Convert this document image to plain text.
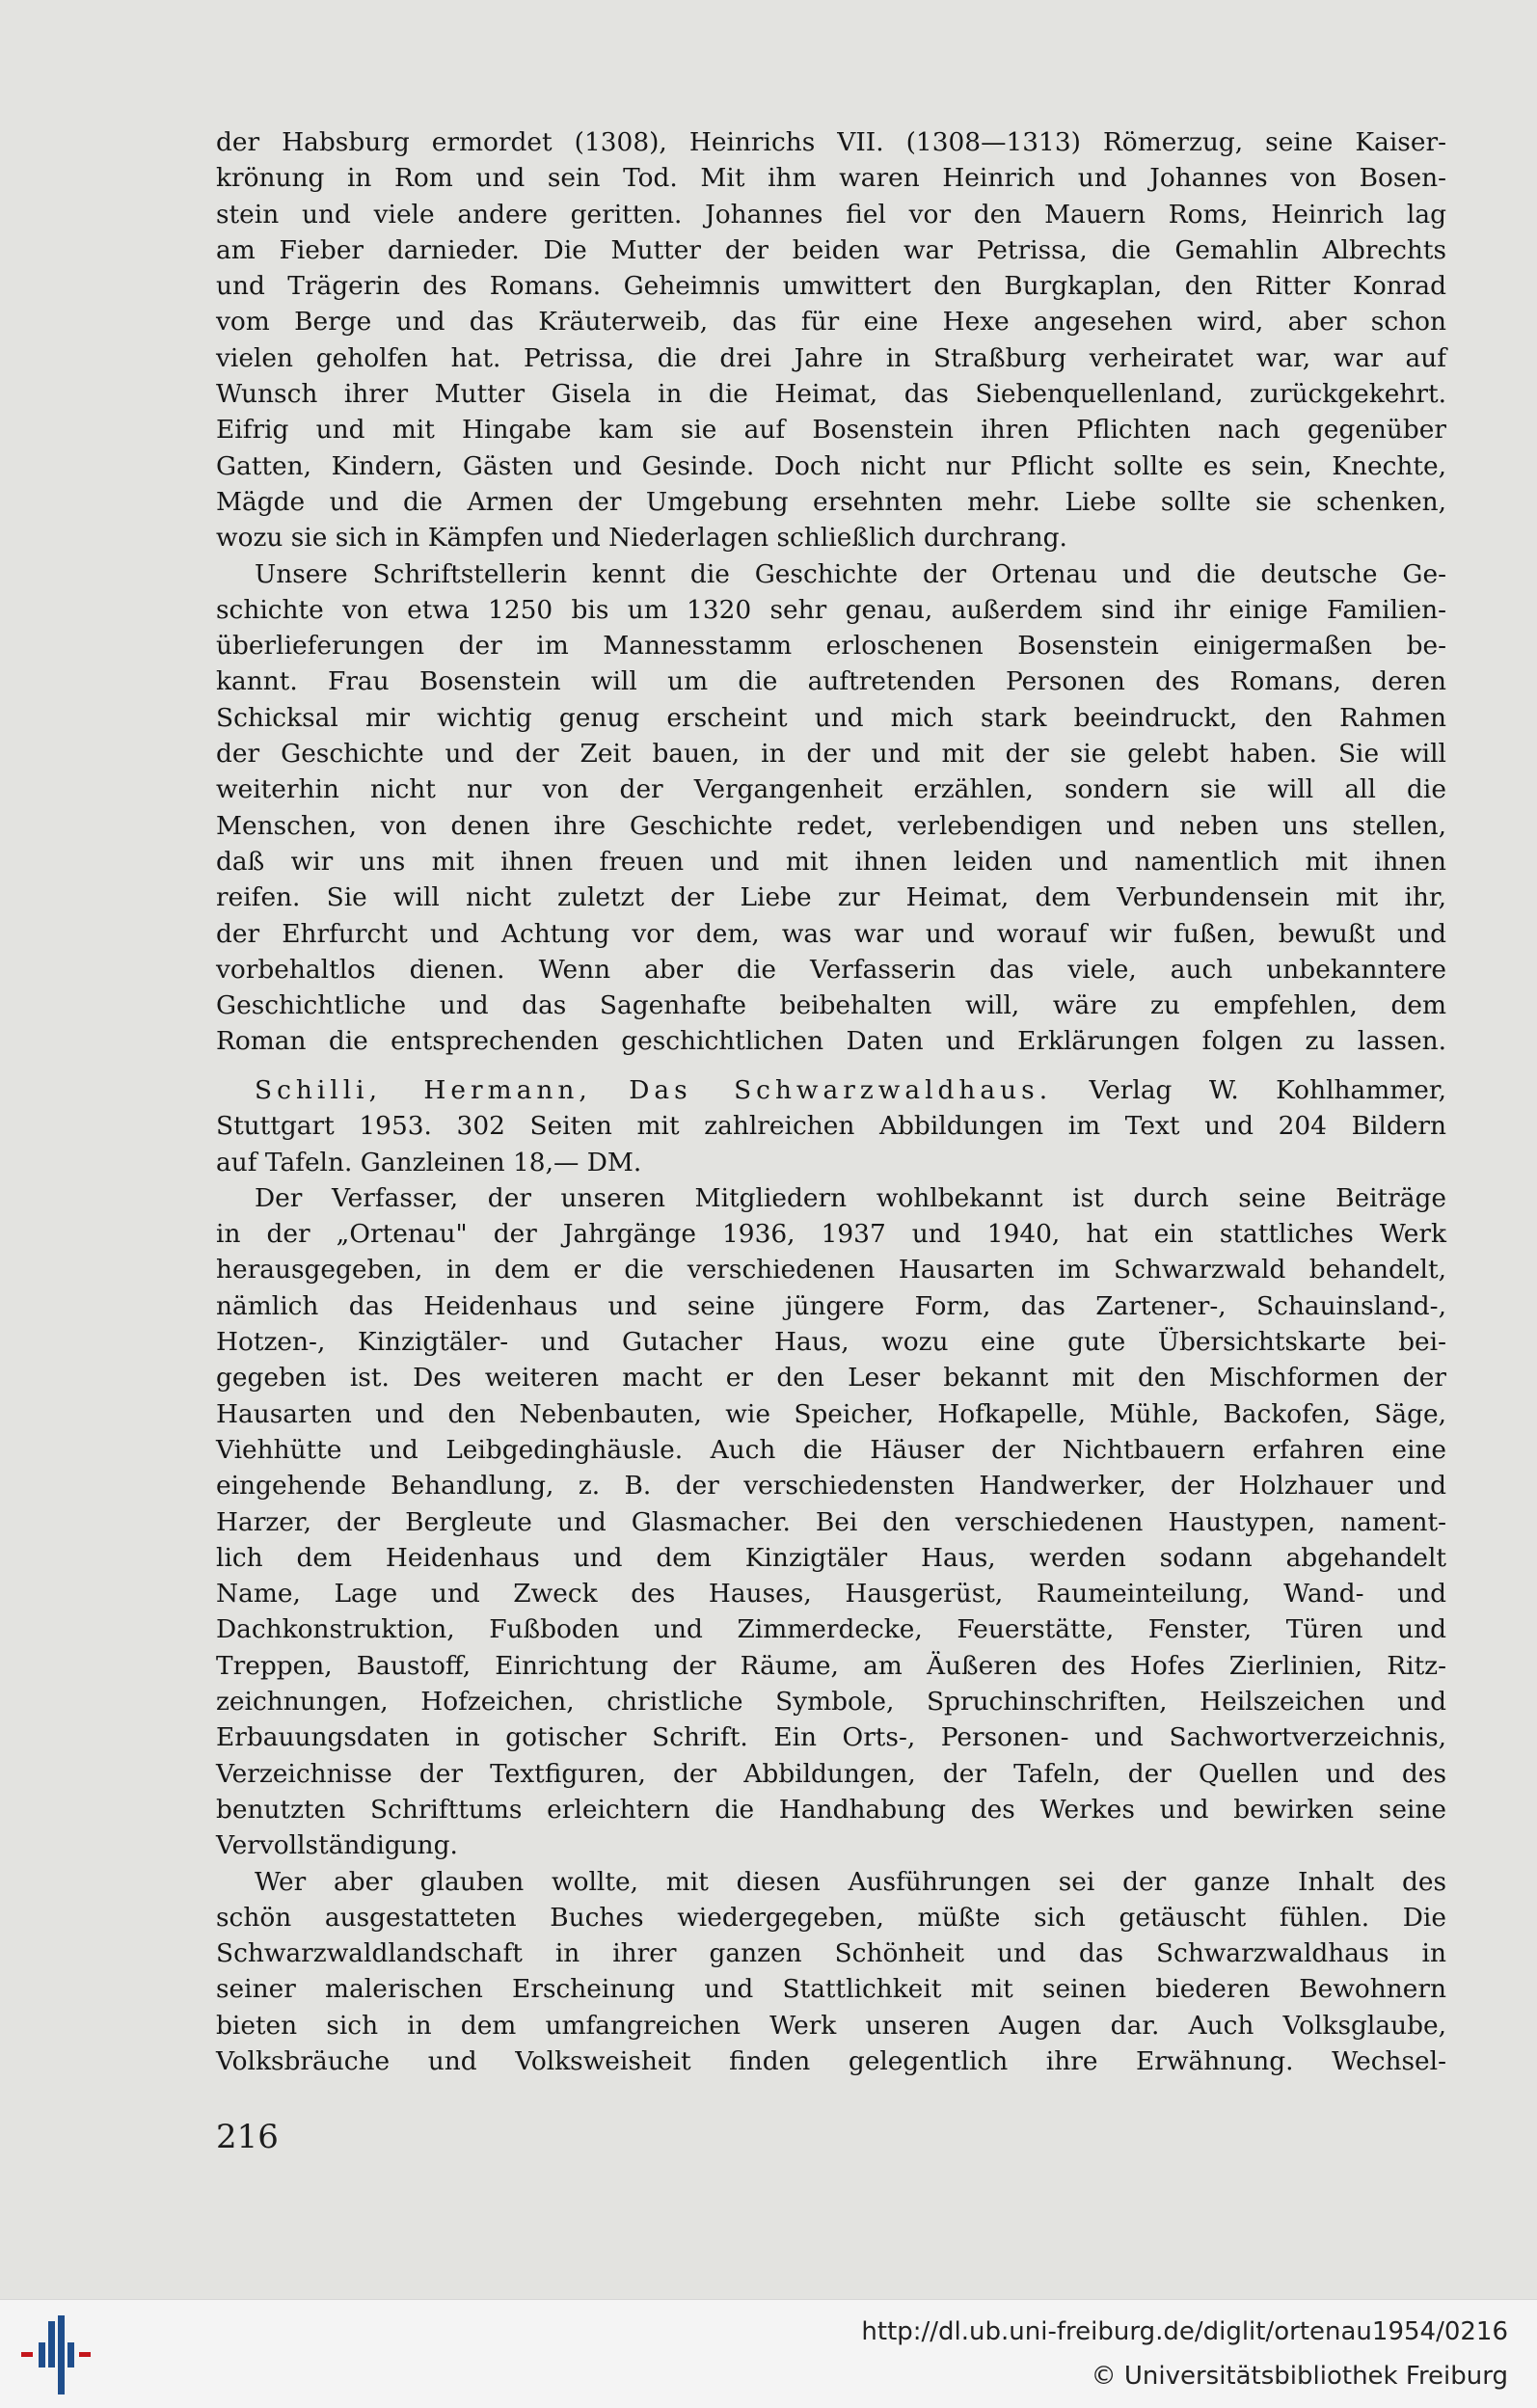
der Habsburg ermordet (1308), Heinrichs VII. (1308—1313) Römerzug, seine Kaiser-

krönung in Rom und sein Tod. Mit ihm waren Heinrich und Johannes von Bosen-

stein und viele andere geritten. Johannes fiel vor den Mauern Roms, Heinrich lag

am Fieber darnieder. Die Mutter der beiden war Petrissa, die Gemahlin Albrechts

und Trägerin des Romans. Geheimnis umwittert den Burgkaplan, den Ritter Konrad

vom Berge und das Kräuterweib, das für eine Hexe angesehen wird, aber schon

vielen geholfen hat. Petrissa, die drei Jahre in Straßburg verheiratet war, war auf

Wunsch ihrer Mutter Gisela in die Heimat, das Siebenquellenland, zurückgekehrt.

Eifrig und mit Hingabe kam sie auf Bosenstein ihren Pflichten nach gegenüber

Gatten, Kindern, Gästen und Gesinde. Doch nicht nur Pflicht sollte es sein, Knechte,

Mägde und die Armen der Umgebung ersehnten mehr. Liebe sollte sie schenken,

wozu sie sich in Kämpfen und Niederlagen schließlich durchrang.

Unsere Schriftstellerin kennt die Geschichte der Ortenau und die deutsche Ge-

schichte von etwa 1250 bis um 1320 sehr genau, außerdem sind ihr einige Familien-

überlieferungen der im Mannesstamm erloschenen Bosenstein einigermaßen be-

kannt. Frau Bosenstein will um die auftretenden Personen des Romans, deren

Schicksal mir wichtig genug erscheint und mich stark beeindruckt, den Rahmen

der Geschichte und der Zeit bauen, in der und mit der sie gelebt haben. Sie will

weiterhin nicht nur von der Vergangenheit erzählen, sondern sie will all die

Menschen, von denen ihre Geschichte redet, verlebendigen und neben uns stellen,

daß wir uns mit ihnen freuen und mit ihnen leiden und namentlich mit ihnen

reifen. Sie will nicht zuletzt der Liebe zur Heimat, dem Verbundensein mit ihr,

der Ehrfurcht und Achtung vor dem, was war und worauf wir fußen, bewußt und

vorbehaltlos dienen. Wenn aber die Verfasserin das viele, auch unbekanntere

Geschichtliche und das Sagenhafte beibehalten will, wäre zu empfehlen, dem

Roman die entsprechenden geschichtlichen Daten und Erklärungen folgen zu lassen.

Schilli, Hermann, Das Schwarzwaldhaus. Verlag W. Kohlhammer,

Stuttgart 1953. 302 Seiten mit zahlreichen Abbildungen im Text und 204 Bildern

auf Tafeln. Ganzleinen 18,— DM.

Der Verfasser, der unseren Mitgliedern wohlbekannt ist durch seine Beiträge

in der „Ortenau" der Jahrgänge 1936, 1937 und 1940, hat ein stattliches Werk

herausgegeben, in dem er die verschiedenen Hausarten im Schwarzwald behandelt,

nämlich das Heidenhaus und seine jüngere Form, das Zartener-, Schauinsland-,

Hotzen-, Kinzigtäler- und Gutacher Haus, wozu eine gute Übersichtskarte bei-

gegeben ist. Des weiteren macht er den Leser bekannt mit den Mischformen der

Hausarten und den Nebenbauten, wie Speicher, Hofkapelle, Mühle, Backofen, Säge,

Viehhütte und Leibgedinghäusle. Auch die Häuser der Nichtbauern erfahren eine

eingehende Behandlung, z. B. der verschiedensten Handwerker, der Holzhauer und

Harzer, der Bergleute und Glasmacher. Bei den verschiedenen Haustypen, nament-

lich dem Heidenhaus und dem Kinzigtäler Haus, werden sodann abgehandelt

Name, Lage und Zweck des Hauses, Hausgerüst, Raumeinteilung, Wand- und

Dachkonstruktion, Fußboden und Zimmerdecke, Feuerstätte, Fenster, Türen und

Treppen, Baustoff, Einrichtung der Räume, am Äußeren des Hofes Zierlinien, Ritz-

zeichnungen, Hofzeichen, christliche Symbole, Spruchinschriften, Heilszeichen und

Erbauungsdaten in gotischer Schrift. Ein Orts-, Personen- und Sachwortverzeichnis,

Verzeichnisse der Textfiguren, der Abbildungen, der Tafeln, der Quellen und des

benutzten Schrifttums erleichtern die Handhabung des Werkes und bewirken seine

Vervollständigung.

Wer aber glauben wollte, mit diesen Ausführungen sei der ganze Inhalt des

schön ausgestatteten Buches wiedergegeben, müßte sich getäuscht fühlen. Die

Schwarzwaldlandschaft in ihrer ganzen Schönheit und das Schwarzwaldhaus in

seiner malerischen Erscheinung und Stattlichkeit mit seinen biederen Bewohnern

bieten sich in dem umfangreichen Werk unseren Augen dar. Auch Volksglaube,

Volksbräuche und Volksweisheit finden gelegentlich ihre Erwähnung. Wechsel-

216
http://dl.ub.uni-freiburg.de/diglit/ortenau1954/0216
© Universitätsbibliothek Freiburg
